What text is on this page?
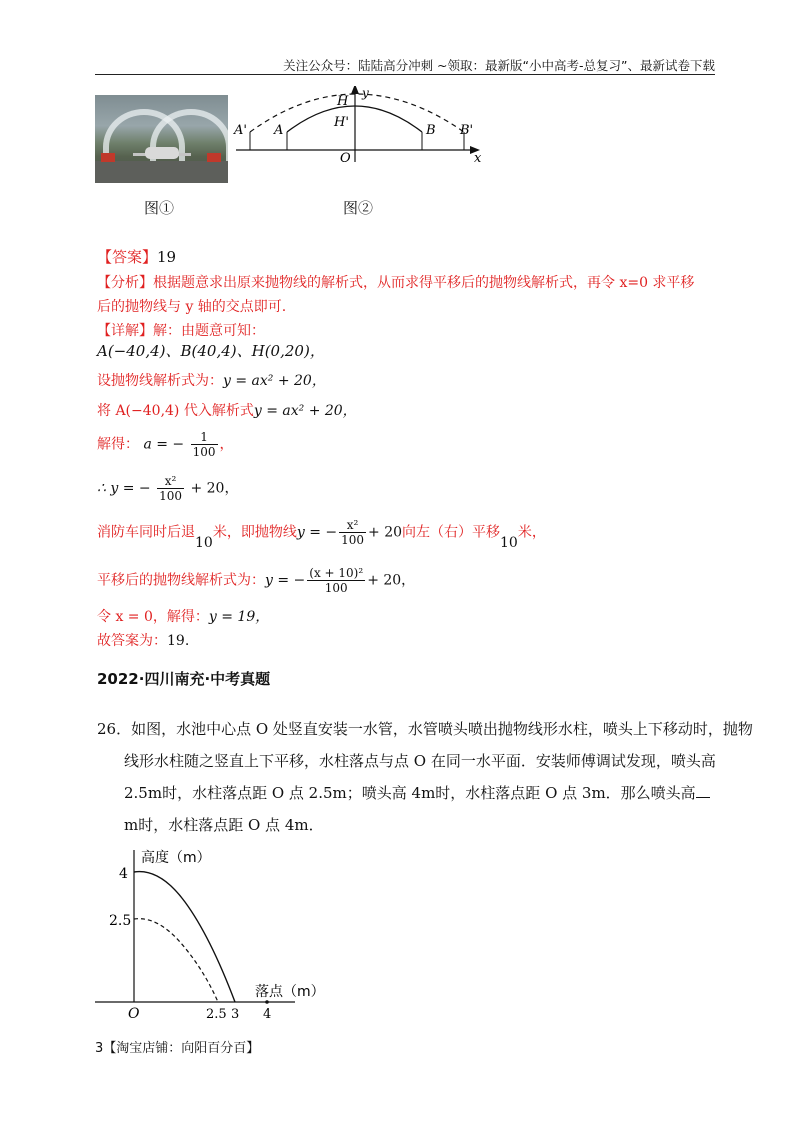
关注公众号：陆陆高分冲刺 ~领取：最新版“小中高考-总复习”、最新试卷下载
图①
H
y
H'
A' A	B B'
O	x
图②
【答案】19
【分析】根据题意求出原来抛物线的解析式，从而求得平移后的抛物线解析式，再令 x=0 求平移
后的抛物线与 y 轴的交点即可.
【详解】解：由题意可知：
A(−40,4)、B(40,4)、H(0,20)，
设抛物线解析式为：y = ax² + 20，
将 A(−40,4) 代入解析式y = ax² + 20，
解得： a = − $\frac{1}{100}$ ，
∴ y = − $\frac{\text{x²}}{100} + 20$，
消防车同时后退10米，即抛物线y = − $\frac{\text{x²}}{100} + 20$向左（右）平移10米，
平移后的抛物线解析式为：y = − $\frac{\text{(x + 10)²}}{100} + 20$，
令 x = 0，解得：y = 19，
故答案为：19.
2022·四川南充·中考真题
26．如图，水池中心点 O 处竖直安装一水管，水管喷头喷出抛物线形水柱，喷头上下移动时，抛物
线形水柱随之竖直上下平移，水柱落点与点 O 在同一水平面．安装师傅调试发现，喷头高
2.5m时，水柱落点距 O 点 2.5m；喷头高 4m时，水柱落点距 O 点 3m．那么喷头高
m时，水柱落点距 O 点 4m．
高度（m）
落点（m）
4
2.5
O	2.5 3 4
3【淘宝店铺：向阳百分百】
